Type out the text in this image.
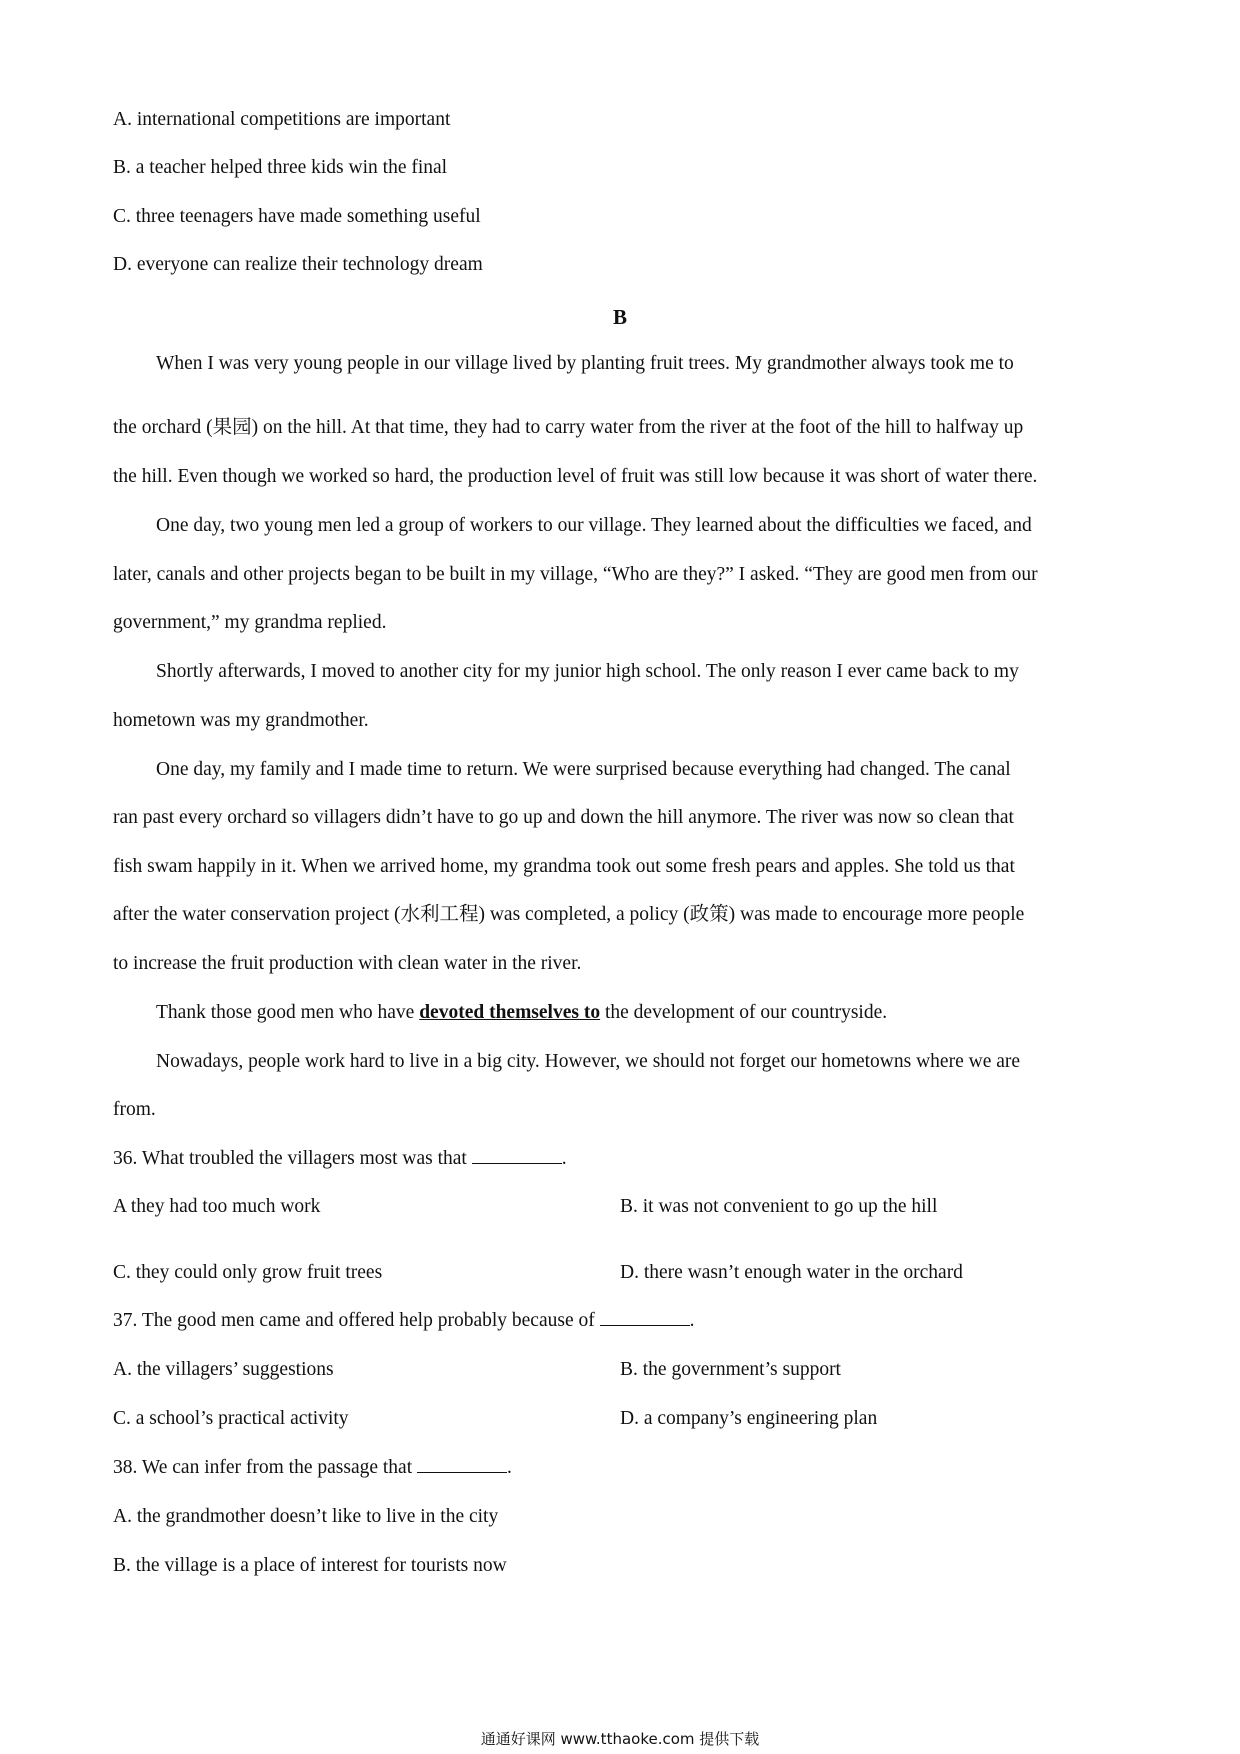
A. international competitions are important
B. a teacher helped three kids win the final
C. three teenagers have made something useful
D. everyone can realize their technology dream
B
When I was very young people in our village lived by planting fruit trees. My grandmother always took me to
the orchard (果园) on the hill. At that time, they had to carry water from the river at the foot of the hill to halfway up
the hill. Even though we worked so hard, the production level of fruit was still low because it was short of water there.
One day, two young men led a group of workers to our village. They learned about the difficulties we faced, and
later, canals and other projects began to be built in my village, “Who are they?” I asked. “They are good men from our
government,” my grandma replied.
Shortly afterwards, I moved to another city for my junior high school. The only reason I ever came back to my
hometown was my grandmother.
One day, my family and I made time to return. We were surprised because everything had changed. The canal
ran past every orchard so villagers didn’t have to go up and down the hill anymore. The river was now so clean that
fish swam happily in it. When we arrived home, my grandma took out some fresh pears and apples. She told us that
after the water conservation project (水利工程) was completed, a policy (政策) was made to encourage more people
to increase the fruit production with clean water in the river.
Thank those good men who have devoted themselves to the development of our countryside.
Nowadays, people work hard to live in a big city. However, we should not forget our hometowns where we are
from.
36. What troubled the villagers most was that	.
A they had too much work	B. it was not convenient to go up the hill
C. they could only grow fruit trees	D. there wasn’t enough water in the orchard
37. The good men came and offered help probably because of	.
A. the villagers’ suggestions	B. the government’s support
C. a school’s practical activity	D. a company’s engineering plan
38. We can infer from the passage that	.
A. the grandmother doesn’t like to live in the city
B. the village is a place of interest for tourists now
通通好课网 www.tthaoke.com 提供下载
